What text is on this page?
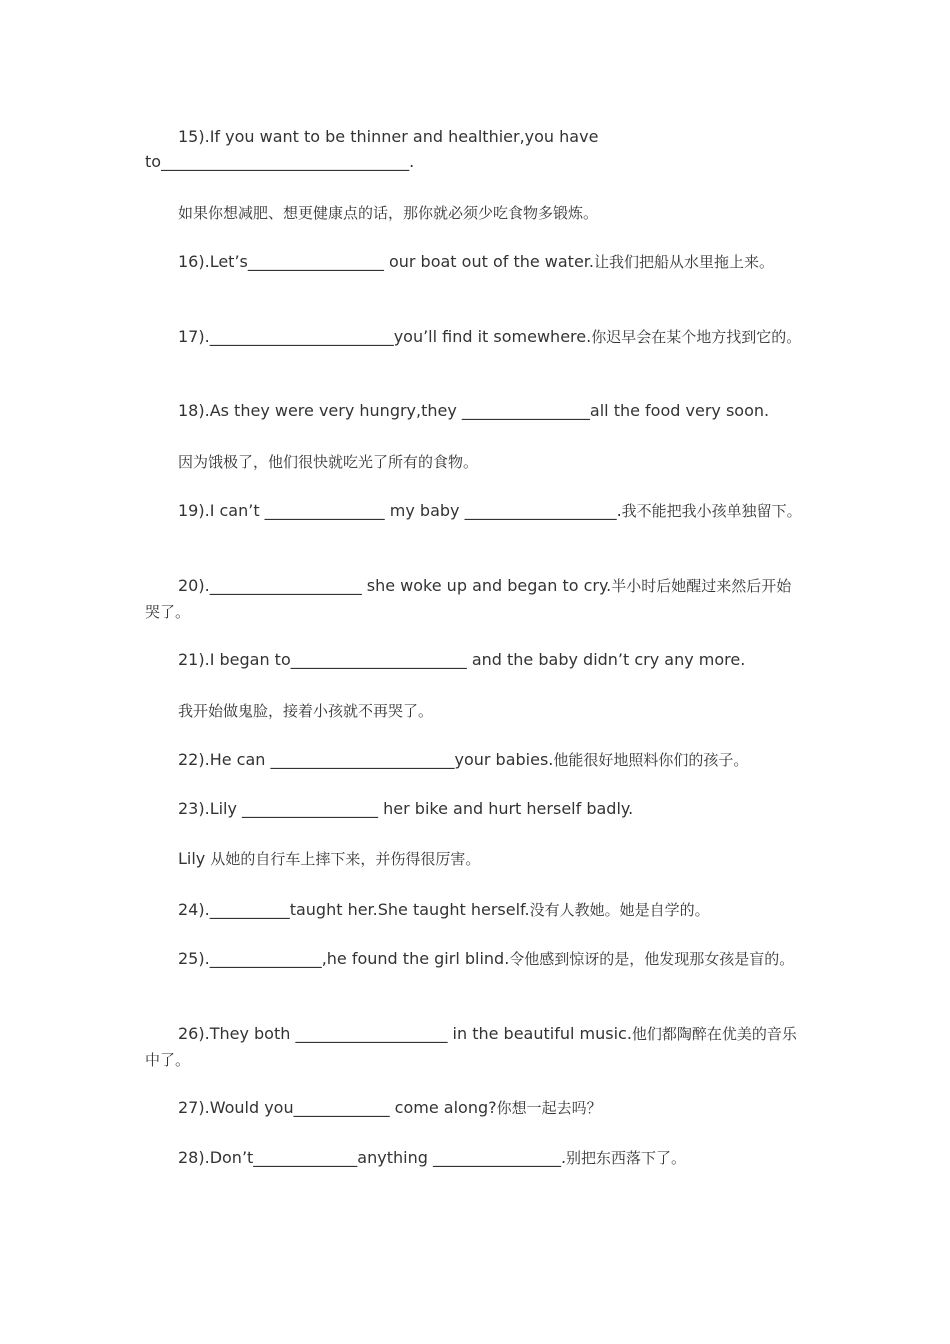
15).If you want to be thinner and healthier,you have to_______________________________.

如果你想减肥、想更健康点的话，那你就必须少吃食物多锻炼。

16).Let’s_________________ our boat out of the water.让我们把船从水里拖上来。

17)._______________________you’ll find it somewhere.你迟早会在某个地方找到它的。

18).As they were very hungry,they ________________all the food very soon.

因为饿极了，他们很快就吃光了所有的食物。

19).I can’t _______________ my baby ___________________.我不能把我小孩单独留下。

20).___________________ she woke up and began to cry.半小时后她醒过来然后开始哭了。

21).I began to______________________ and the baby didn’t cry any more.

我开始做鬼脸，接着小孩就不再哭了。

22).He can _______________________your babies.他能很好地照料你们的孩子。

23).Lily _________________ her bike and hurt herself badly.

Lily 从她的自行车上摔下来，并伤得很厉害。

24).__________taught her.She taught herself.没有人教她。她是自学的。

25).______________,he found the girl blind.令他感到惊讶的是，他发现那女孩是盲的。

26).They both ___________________ in the beautiful music.他们都陶醉在优美的音乐中了。

27).Would you____________ come along?你想一起去吗？

28).Don’t_____________anything ________________.别把东西落下了。
